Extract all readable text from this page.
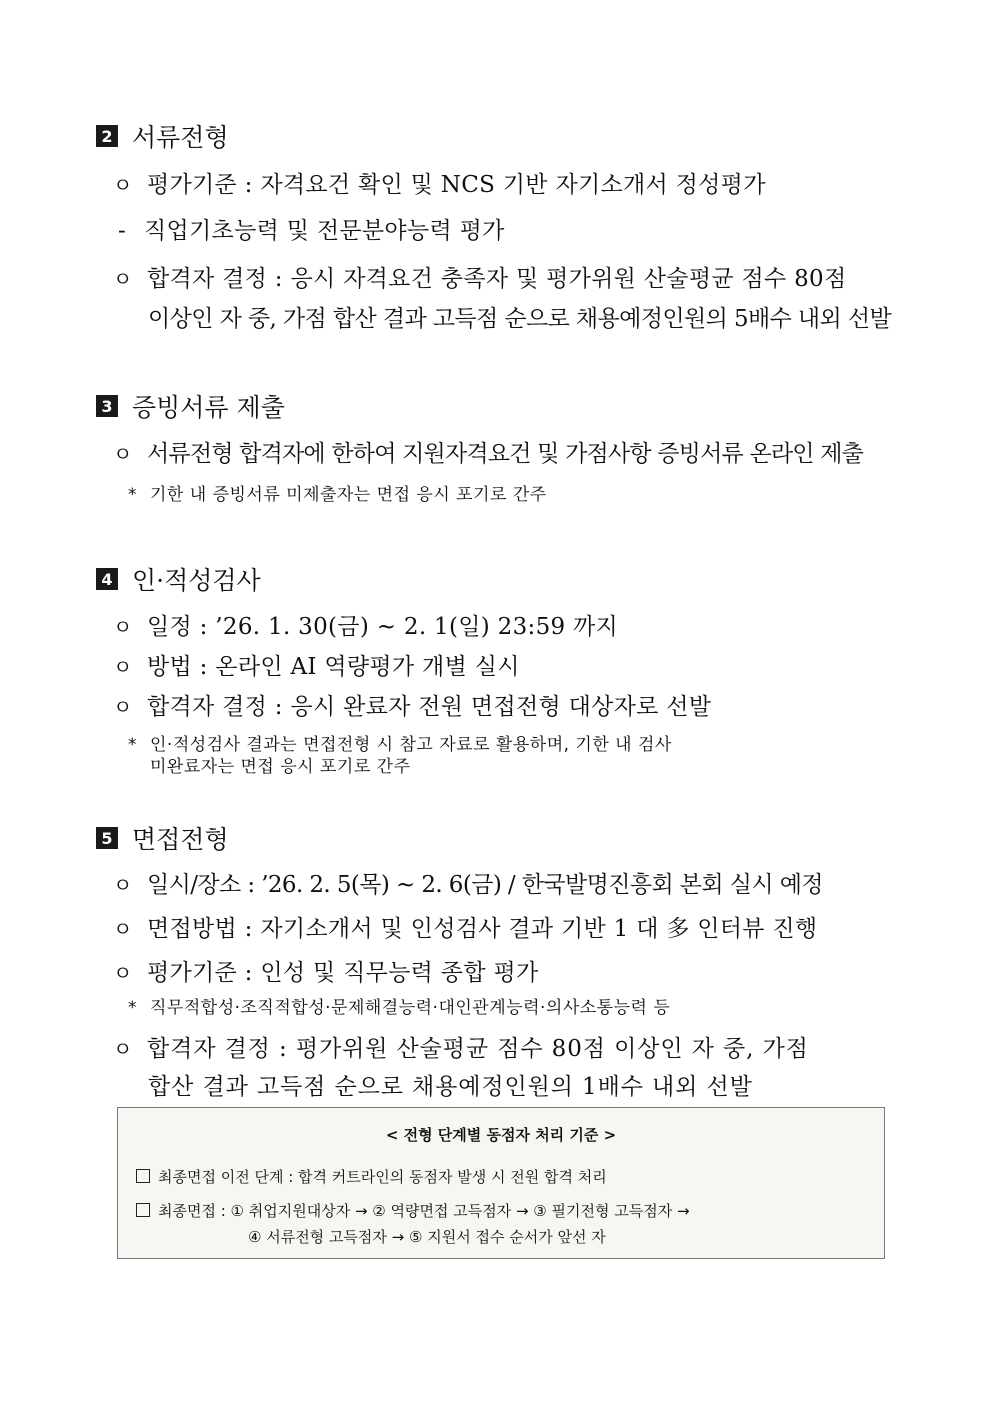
2 서류전형
ㅇ 평가기준 : 자격요건 확인 및 NCS 기반 자기소개서 정성평가
- 직업기초능력 및 전문분야능력 평가
ㅇ 합격자 결정 : 응시 자격요건 충족자 및 평가위원 산술평균 점수 80점
이상인 자 중, 가점 합산 결과 고득점 순으로 채용예정인원의 5배수 내외 선발
3 증빙서류 제출
ㅇ 서류전형 합격자에 한하여 지원자격요건 및 가점사항 증빙서류 온라인 제출
* 기한 내 증빙서류 미제출자는 면접 응시 포기로 간주
4 인·적성검사
ㅇ 일정 : ’26. 1. 30(금) ~ 2. 1(일) 23:59 까지
ㅇ 방법 : 온라인 AI 역량평가 개별 실시
ㅇ 합격자 결정 : 응시 완료자 전원 면접전형 대상자로 선발
* 인·적성검사 결과는 면접전형 시 참고 자료로 활용하며, 기한 내 검사
미완료자는 면접 응시 포기로 간주
5 면접전형
ㅇ 일시/장소 : ’26. 2. 5(목) ~ 2. 6(금) / 한국발명진흥회 본회 실시 예정
ㅇ 면접방법 : 자기소개서 및 인성검사 결과 기반 1 대 多 인터뷰 진행
ㅇ 평가기준 : 인성 및 직무능력 종합 평가
* 직무적합성·조직적합성·문제해결능력·대인관계능력·의사소통능력 등
ㅇ 합격자 결정 : 평가위원 산술평균 점수 80점 이상인 자 중, 가점
합산 결과 고득점 순으로 채용예정인원의 1배수 내외 선발
< 전형 단계별 동점자 처리 기준 >
최종면접 이전 단계 : 합격 커트라인의 동점자 발생 시 전원 합격 처리
최종면접 : ① 취업지원대상자 → ② 역량면접 고득점자 → ③ 필기전형 고득점자 →
④ 서류전형 고득점자 → ⑤ 지원서 접수 순서가 앞선 자
